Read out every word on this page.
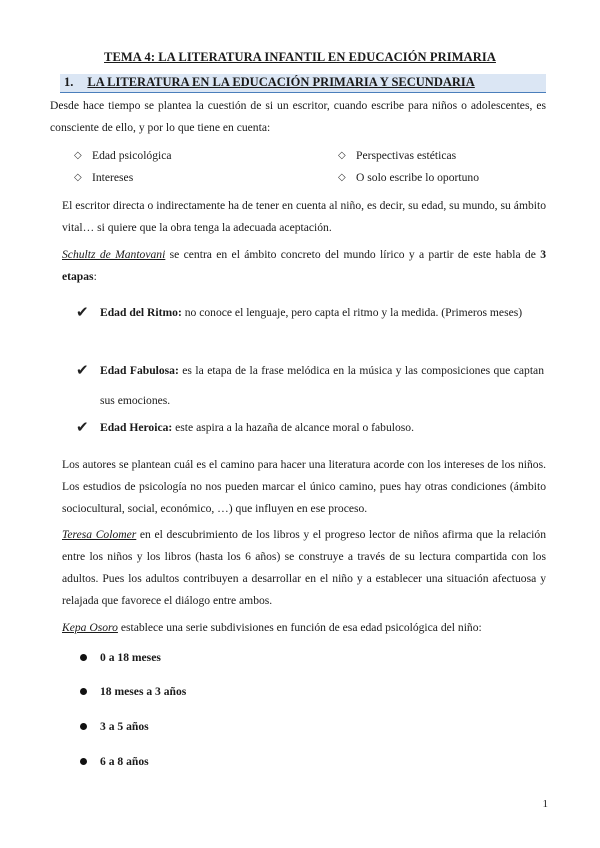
TEMA 4: LA LITERATURA INFANTIL EN EDUCACIÓN PRIMARIA
1. LA LITERATURA EN LA EDUCACIÓN PRIMARIA Y SECUNDARIA
Desde hace tiempo se plantea la cuestión de si un escritor, cuando escribe para niños o adolescentes, es consciente de ello, y por lo que tiene en cuenta:
◇ Edad psicológica
◇ Intereses
◇ Perspectivas estéticas
◇ O solo escribe lo oportuno
El escritor directa o indirectamente ha de tener en cuenta al niño, es decir, su edad, su mundo, su ámbito vital… si quiere que la obra tenga la adecuada aceptación.
Schultz de Mantovani se centra en el ámbito concreto del mundo lírico y a partir de este habla de 3 etapas:
✔ Edad del Ritmo: no conoce el lenguaje, pero capta el ritmo y la medida. (Primeros meses)
✔ Edad Fabulosa: es la etapa de la frase melódica en la música y las composiciones que captan sus emociones.
✔ Edad Heroica: este aspira a la hazaña de alcance moral o fabuloso.
Los autores se plantean cuál es el camino para hacer una literatura acorde con los intereses de los niños. Los estudios de psicología no nos pueden marcar el único camino, pues hay otras condiciones (ámbito sociocultural, social, económico, …) que influyen en ese proceso.
Teresa Colomer en el descubrimiento de los libros y el progreso lector de niños afirma que la relación entre los niños y los libros (hasta los 6 años) se construye a través de su lectura compartida con los adultos. Pues los adultos contribuyen a desarrollar en el niño y a establecer una situación afectuosa y relajada que favorece el diálogo entre ambos.
Kepa Osoro establece una serie subdivisiones en función de esa edad psicológica del niño:
0 a 18 meses
18 meses a 3 años
3 a 5 años
6 a 8 años
1
